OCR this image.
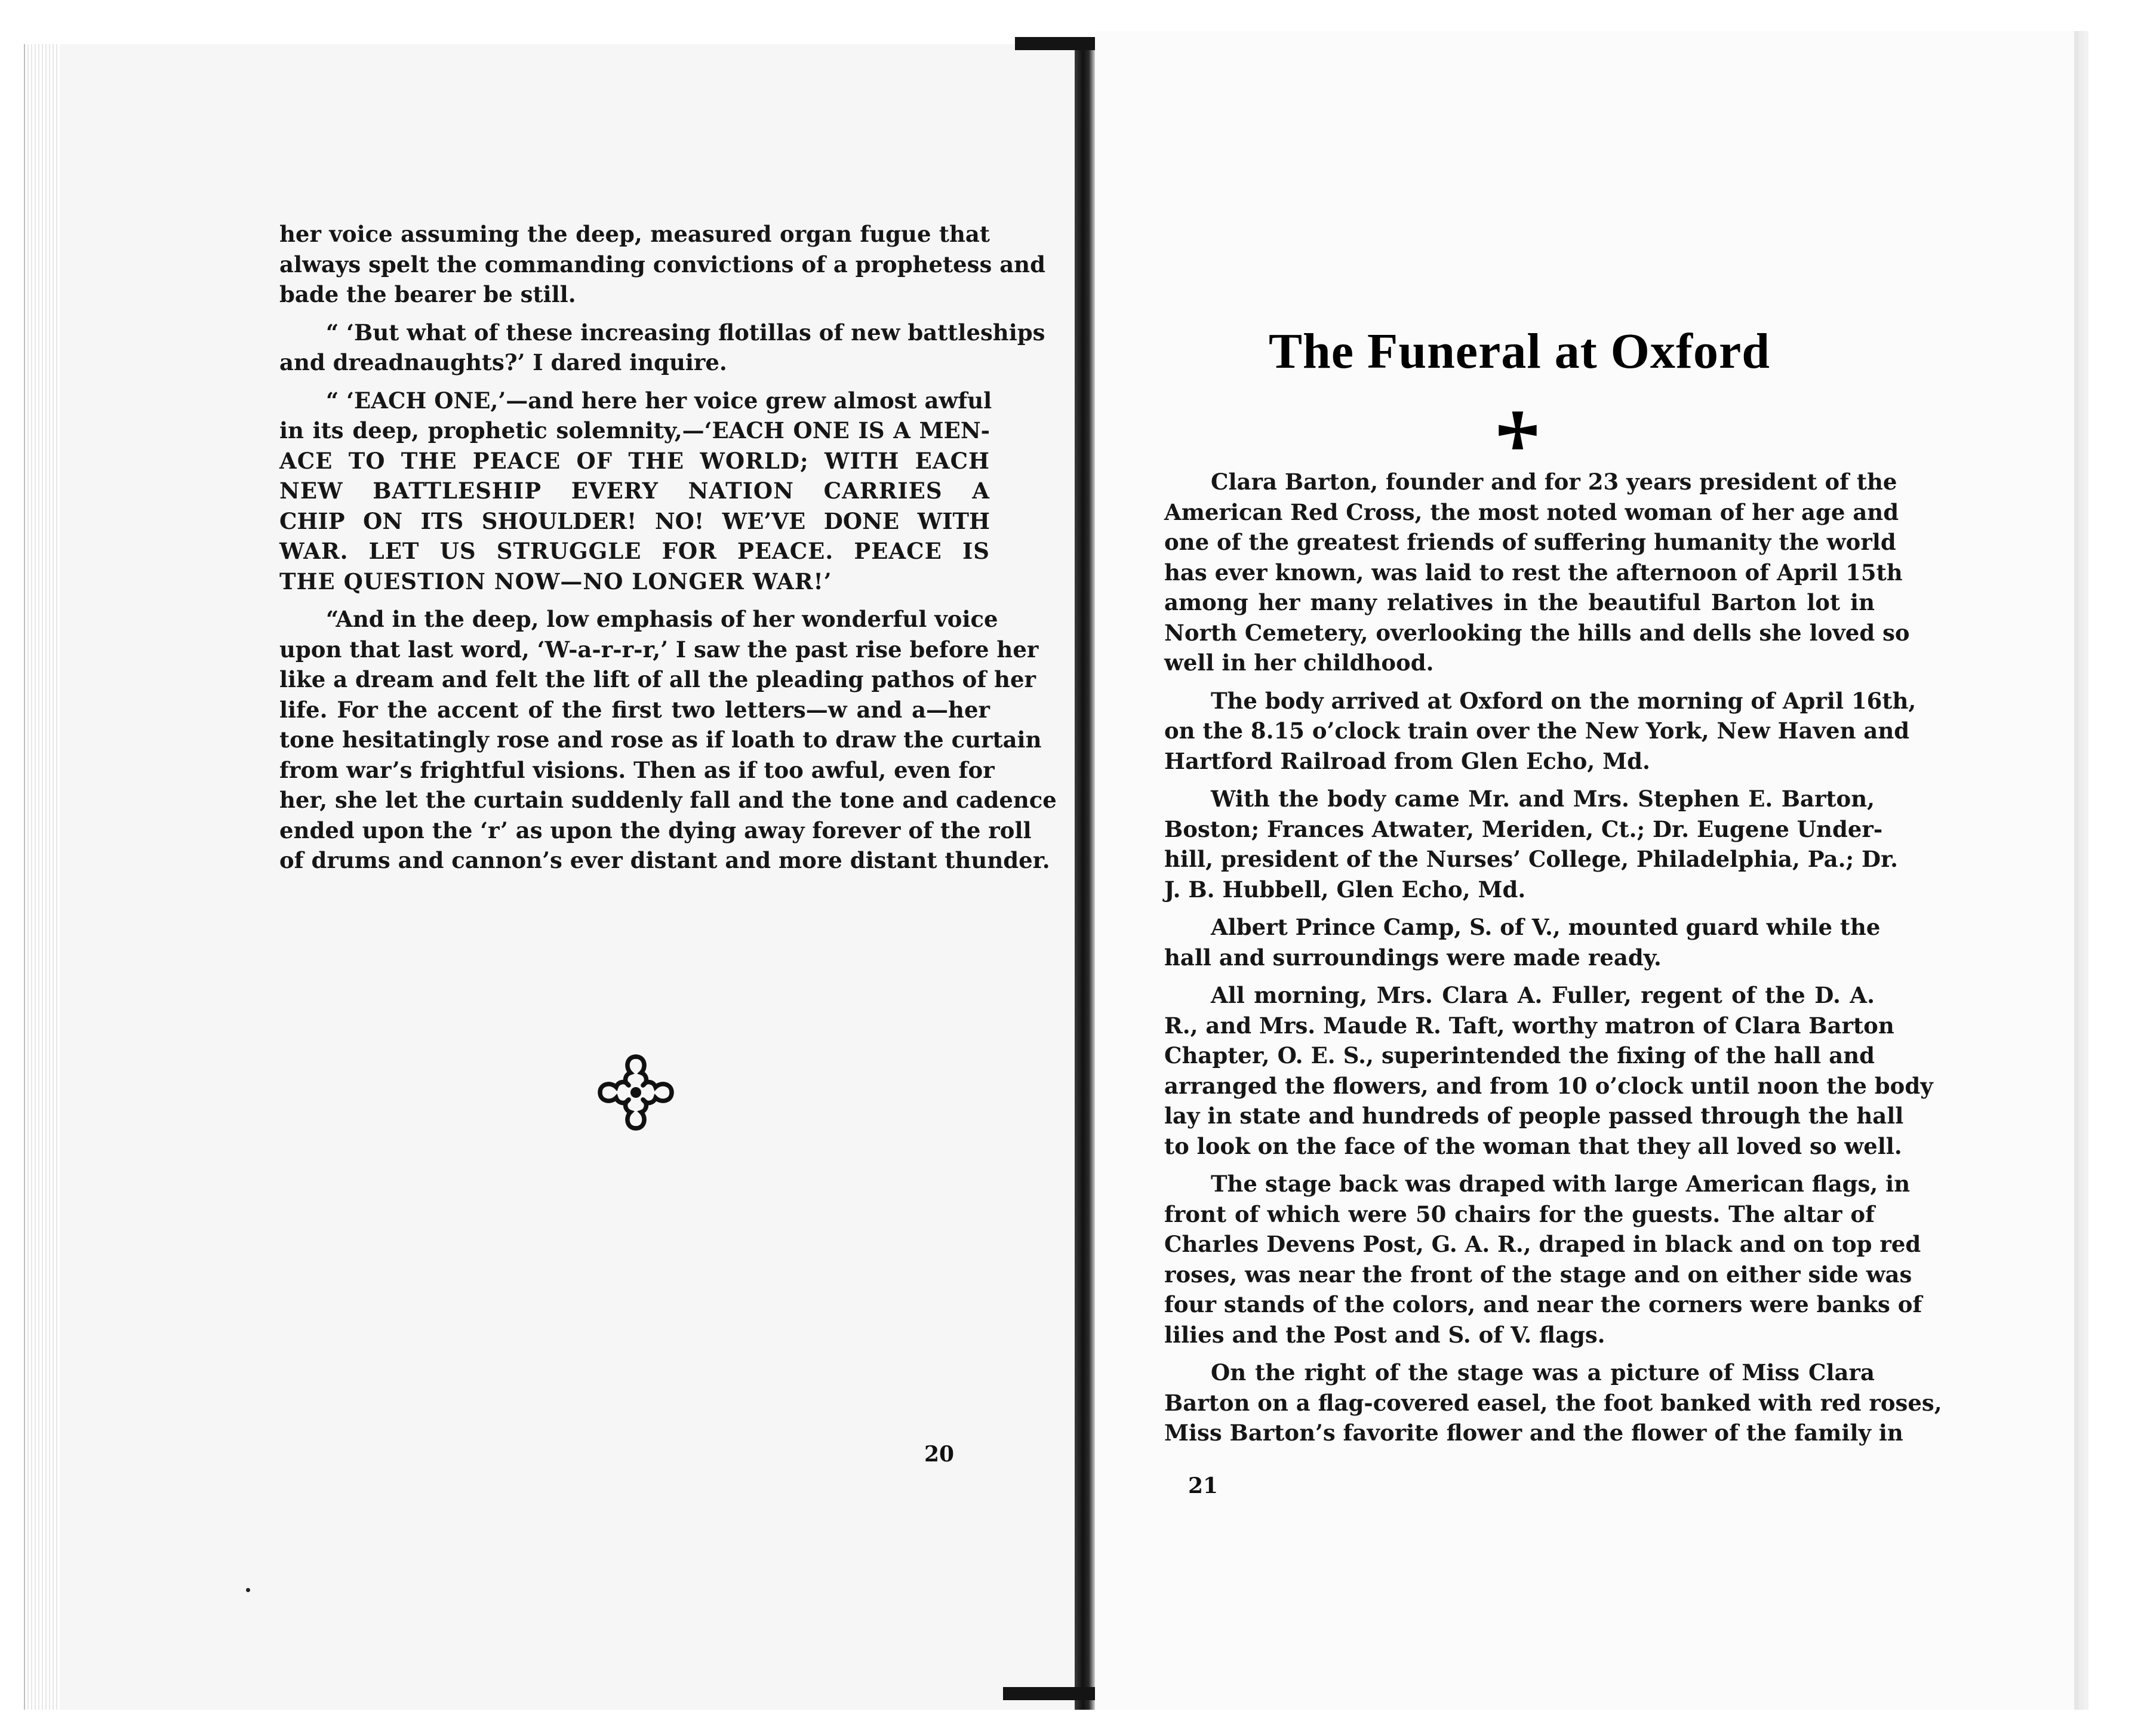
her voice assuming the deep, measured organ fugue that
always spelt the commanding convictions of a prophetess and
bade the bearer be still.
“ ‘But what of these increasing flotillas of new battleships
and dreadnaughts?’ I dared inquire.
“ ‘EACH ONE,’—and here her voice grew almost awful
in its deep, prophetic solemnity,—‘EACH ONE IS A MEN-
ACE TO THE PEACE OF THE WORLD; WITH EACH
NEW BATTLESHIP EVERY NATION CARRIES A
CHIP ON ITS SHOULDER! NO! WE’VE DONE WITH
WAR. LET US STRUGGLE FOR PEACE. PEACE IS
THE QUESTION NOW—NO LONGER WAR!’
“And in the deep, low emphasis of her wonderful voice
upon that last word, ‘W-a-r-r-r,’ I saw the past rise before her
like a dream and felt the lift of all the pleading pathos of her
life. For the accent of the first two letters—w and a—her
tone hesitatingly rose and rose as if loath to draw the curtain
from war’s frightful visions. Then as if too awful, even for
her, she let the curtain suddenly fall and the tone and cadence
ended upon the ‘r’ as upon the dying away forever of the roll
of drums and cannon’s ever distant and more distant thunder.
20
The Funeral at Oxford
Clara Barton, founder and for 23 years president of the
American Red Cross, the most noted woman of her age and
one of the greatest friends of suffering humanity the world
has ever known, was laid to rest the afternoon of April 15th
among her many relatives in the beautiful Barton lot in
North Cemetery, overlooking the hills and dells she loved so
well in her childhood.
The body arrived at Oxford on the morning of April 16th,
on the 8.15 o’clock train over the New York, New Haven and
Hartford Railroad from Glen Echo, Md.
With the body came Mr. and Mrs. Stephen E. Barton,
Boston; Frances Atwater, Meriden, Ct.; Dr. Eugene Under-
hill, president of the Nurses’ College, Philadelphia, Pa.; Dr.
J. B. Hubbell, Glen Echo, Md.
Albert Prince Camp, S. of V., mounted guard while the
hall and surroundings were made ready.
All morning, Mrs. Clara A. Fuller, regent of the D. A.
R., and Mrs. Maude R. Taft, worthy matron of Clara Barton
Chapter, O. E. S., superintended the fixing of the hall and
arranged the flowers, and from 10 o’clock until noon the body
lay in state and hundreds of people passed through the hall
to look on the face of the woman that they all loved so well.
The stage back was draped with large American flags, in
front of which were 50 chairs for the guests. The altar of
Charles Devens Post, G. A. R., draped in black and on top red
roses, was near the front of the stage and on either side was
four stands of the colors, and near the corners were banks of
lilies and the Post and S. of V. flags.
On the right of the stage was a picture of Miss Clara
Barton on a flag-covered easel, the foot banked with red roses,
Miss Barton’s favorite flower and the flower of the family in
21
